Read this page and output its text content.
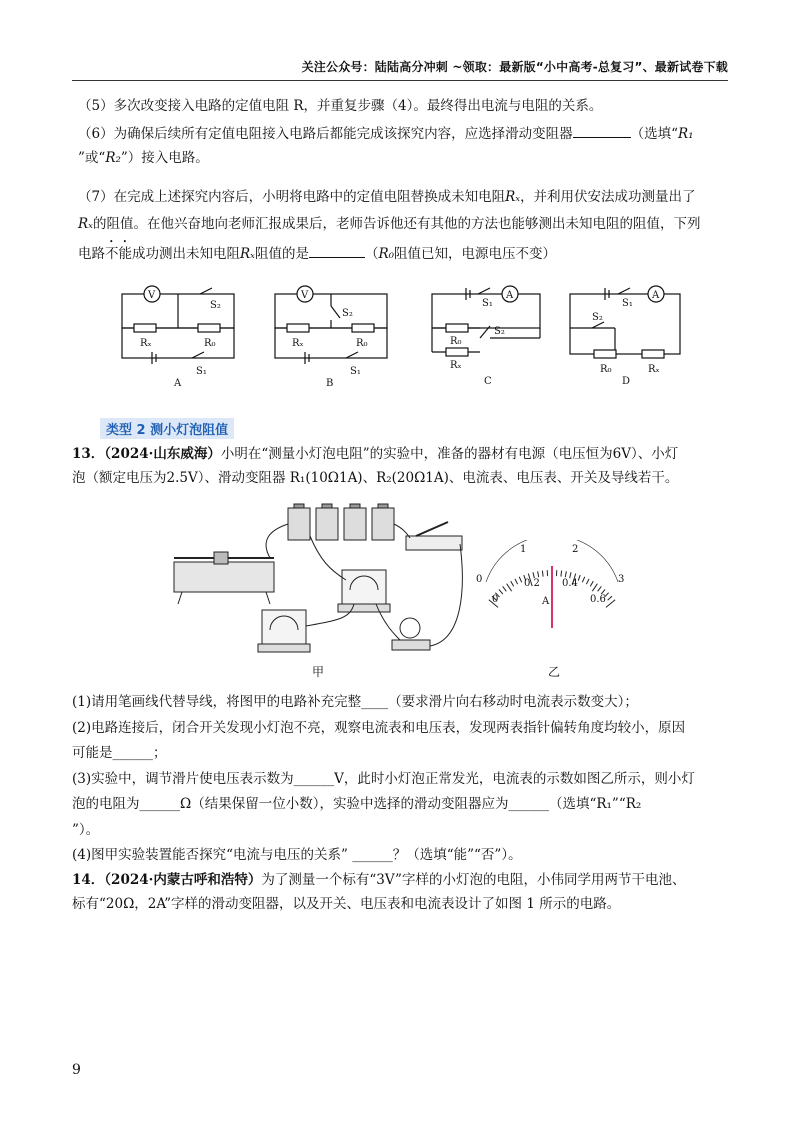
关注公众号：陆陆高分冲刺 ~领取：最新版“小中高考-总复习”、最新试卷下载
（5）多次改变接入电路的定值电阻 R，并重复步骤（4）。最终得出电流与电阻的关系。
（6）为确保后续所有定值电阻接入电路后都能完成该探究内容，应选择滑动变阻器	（选填“R₁
”或“R₂”）接入电路。
（7）在完成上述探究内容后，小明将电路中的定值电阻替换成未知电阻Rₓ，并利用伏安法成功测量出了
Rₓ的阻值。在他兴奋地向老师汇报成果后，老师告诉他还有其他的方法也能够测出未知电阻的阻值，下列
电路不能成功测出未知电阻Rₓ阻值的是	（R₀阻值已知，电源电压不变）
V
S₂
Rₓ	R₀
S₁
A
V
S₂
Rₓ	R₀
S₁
B
A
S₁
S₂
R₀
Rₓ
C
A
S₁
S₂
R₀	Rₓ
D
类型 2 测小灯泡阻值
13．（2024·山东威海）小明在“测量小灯泡电阻”的实验中，准备的器材有电源（电压恒为6V）、小灯
泡（额定电压为2.5V）、滑动变阻器 R₁(10Ω1A)、R₂(20Ω1A)、电流表、电压表、开关及导线若干。
甲
1	2
0	3
0.2 0.4
0	0.6
A
乙
(1)请用笔画线代替导线，将图甲的电路补充完整____（要求滑片向右移动时电流表示数变大）；
(2)电路连接后，闭合开关发现小灯泡不亮，观察电流表和电压表，发现两表指针偏转角度均较小，原因
可能是______；
(3)实验中，调节滑片使电压表示数为______V，此时小灯泡正常发光，电流表的示数如图乙所示，则小灯
泡的电阻为______Ω（结果保留一位小数），实验中选择的滑动变阻器应为______（选填“R₁”“R₂
”）。
(4)图甲实验装置能否探究“电流与电压的关系” ______？（选填“能”“否”）。
14．（2024·内蒙古呼和浩特）为了测量一个标有“3V”字样的小灯泡的电阻，小伟同学用两节干电池、
标有“20Ω，2A”字样的滑动变阻器，以及开关、电压表和电流表设计了如图 1 所示的电路。
9
